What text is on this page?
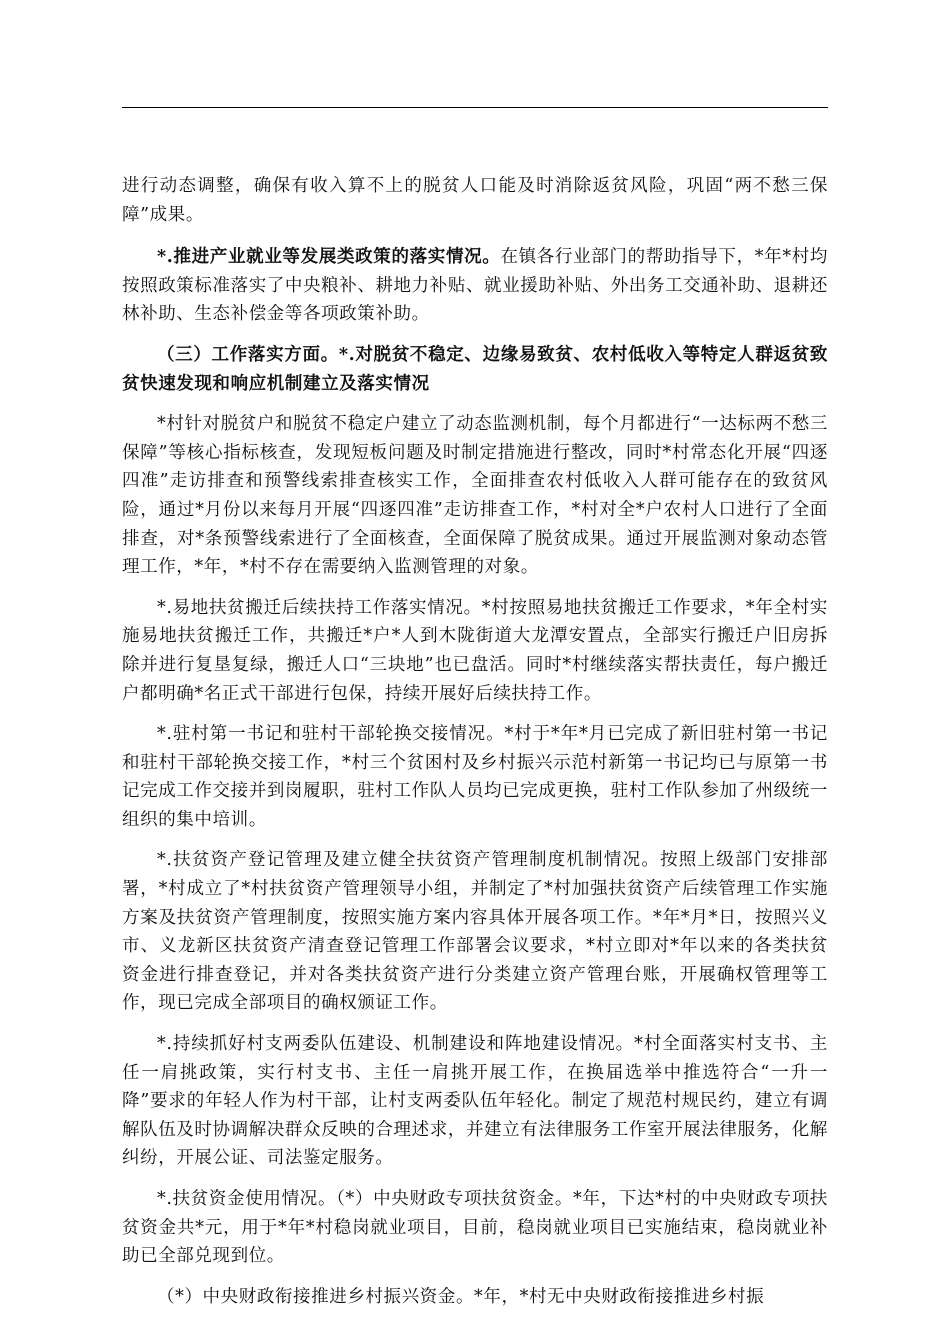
进行动态调整，确保有收入算不上的脱贫人口能及时消除返贫风险，巩固“两不愁三保障”成果。

*.推进产业就业等发展类政策的落实情况。在镇各行业部门的帮助指导下，*年*村均按照政策标准落实了中央粮补、耕地力补贴、就业援助补贴、外出务工交通补助、退耕还林补助、生态补偿金等各项政策补助。

（三）工作落实方面。*.对脱贫不稳定、边缘易致贫、农村低收入等特定人群返贫致贫快速发现和响应机制建立及落实情况

*村针对脱贫户和脱贫不稳定户建立了动态监测机制，每个月都进行“一达标两不愁三保障”等核心指标核查，发现短板问题及时制定措施进行整改，同时*村常态化开展“四逐四准”走访排查和预警线索排查核实工作，全面排查农村低收入人群可能存在的致贫风险，通过*月份以来每月开展“四逐四准”走访排查工作，*村对全*户农村人口进行了全面排查，对*条预警线索进行了全面核查，全面保障了脱贫成果。通过开展监测对象动态管理工作，*年，*村不存在需要纳入监测管理的对象。

*.易地扶贫搬迁后续扶持工作落实情况。*村按照易地扶贫搬迁工作要求，*年全村实施易地扶贫搬迁工作，共搬迁*户*人到木陇街道大龙潭安置点，全部实行搬迁户旧房拆除并进行复垦复绿，搬迁人口“三块地”也已盘活。同时*村继续落实帮扶责任，每户搬迁户都明确*名正式干部进行包保，持续开展好后续扶持工作。

*.驻村第一书记和驻村干部轮换交接情况。*村于*年*月已完成了新旧驻村第一书记和驻村干部轮换交接工作，*村三个贫困村及乡村振兴示范村新第一书记均已与原第一书记完成工作交接并到岗履职，驻村工作队人员均已完成更换，驻村工作队参加了州级统一组织的集中培训。

*.扶贫资产登记管理及建立健全扶贫资产管理制度机制情况。按照上级部门安排部署，*村成立了*村扶贫资产管理领导小组，并制定了*村加强扶贫资产后续管理工作实施方案及扶贫资产管理制度，按照实施方案内容具体开展各项工作。*年*月*日，按照兴义市、义龙新区扶贫资产清查登记管理工作部署会议要求，*村立即对*年以来的各类扶贫资金进行排查登记，并对各类扶贫资产进行分类建立资产管理台账，开展确权管理等工作，现已完成全部项目的确权颁证工作。

*.持续抓好村支两委队伍建设、机制建设和阵地建设情况。*村全面落实村支书、主任一肩挑政策，实行村支书、主任一肩挑开展工作，在换届选举中推选符合“一升一降”要求的年轻人作为村干部，让村支两委队伍年轻化。制定了规范村规民约，建立有调解队伍及时协调解决群众反映的合理述求，并建立有法律服务工作室开展法律服务，化解纠纷，开展公证、司法鉴定服务。

*.扶贫资金使用情况。（*）中央财政专项扶贫资金。*年，下达*村的中央财政专项扶贫资金共*元，用于*年*村稳岗就业项目，目前，稳岗就业项目已实施结束，稳岗就业补助已全部兑现到位。

（*）中央财政衔接推进乡村振兴资金。*年，*村无中央财政衔接推进乡村振
